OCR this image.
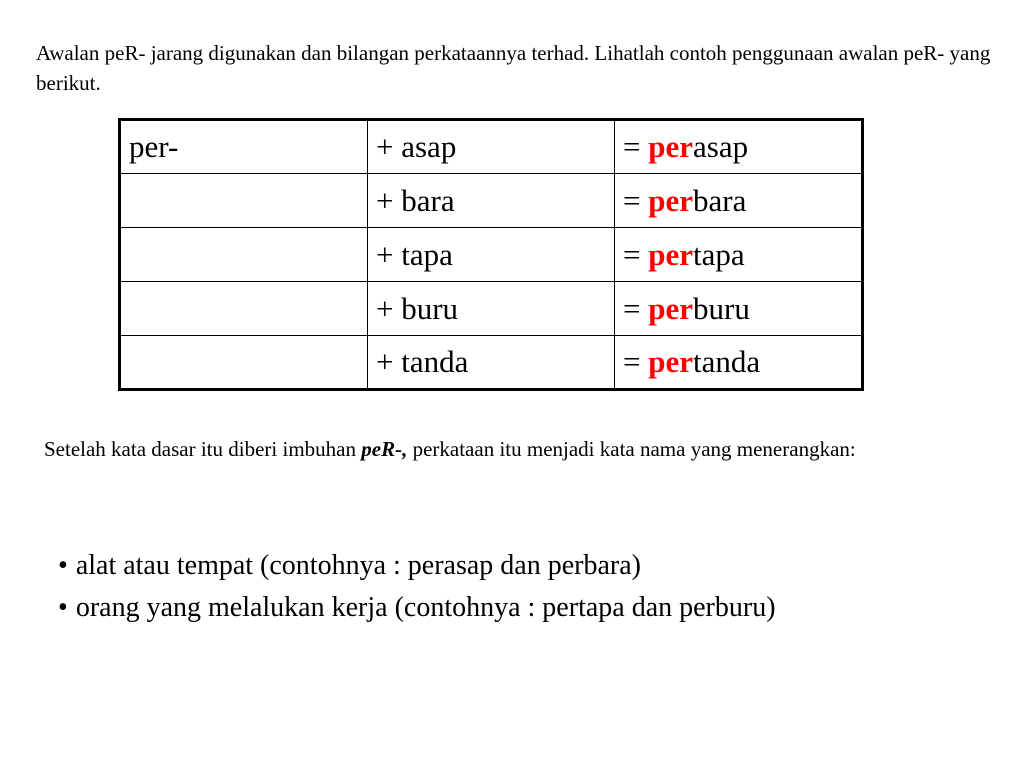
Awalan peR- jarang digunakan dan bilangan perkataannya terhad. Lihatlah contoh penggunaan awalan peR- yang berikut.

per-	+ asap	= perasap
	+ bara	= perbara
	+ tapa	= pertapa
	+ buru	= perburu
	+ tanda	= pertanda

Setelah kata dasar itu diberi imbuhan peR-, perkataan itu menjadi kata nama yang menerangkan:

• alat atau tempat (contohnya : perasap dan perbara)
• orang yang melalukan kerja (contohnya : pertapa dan perburu)
